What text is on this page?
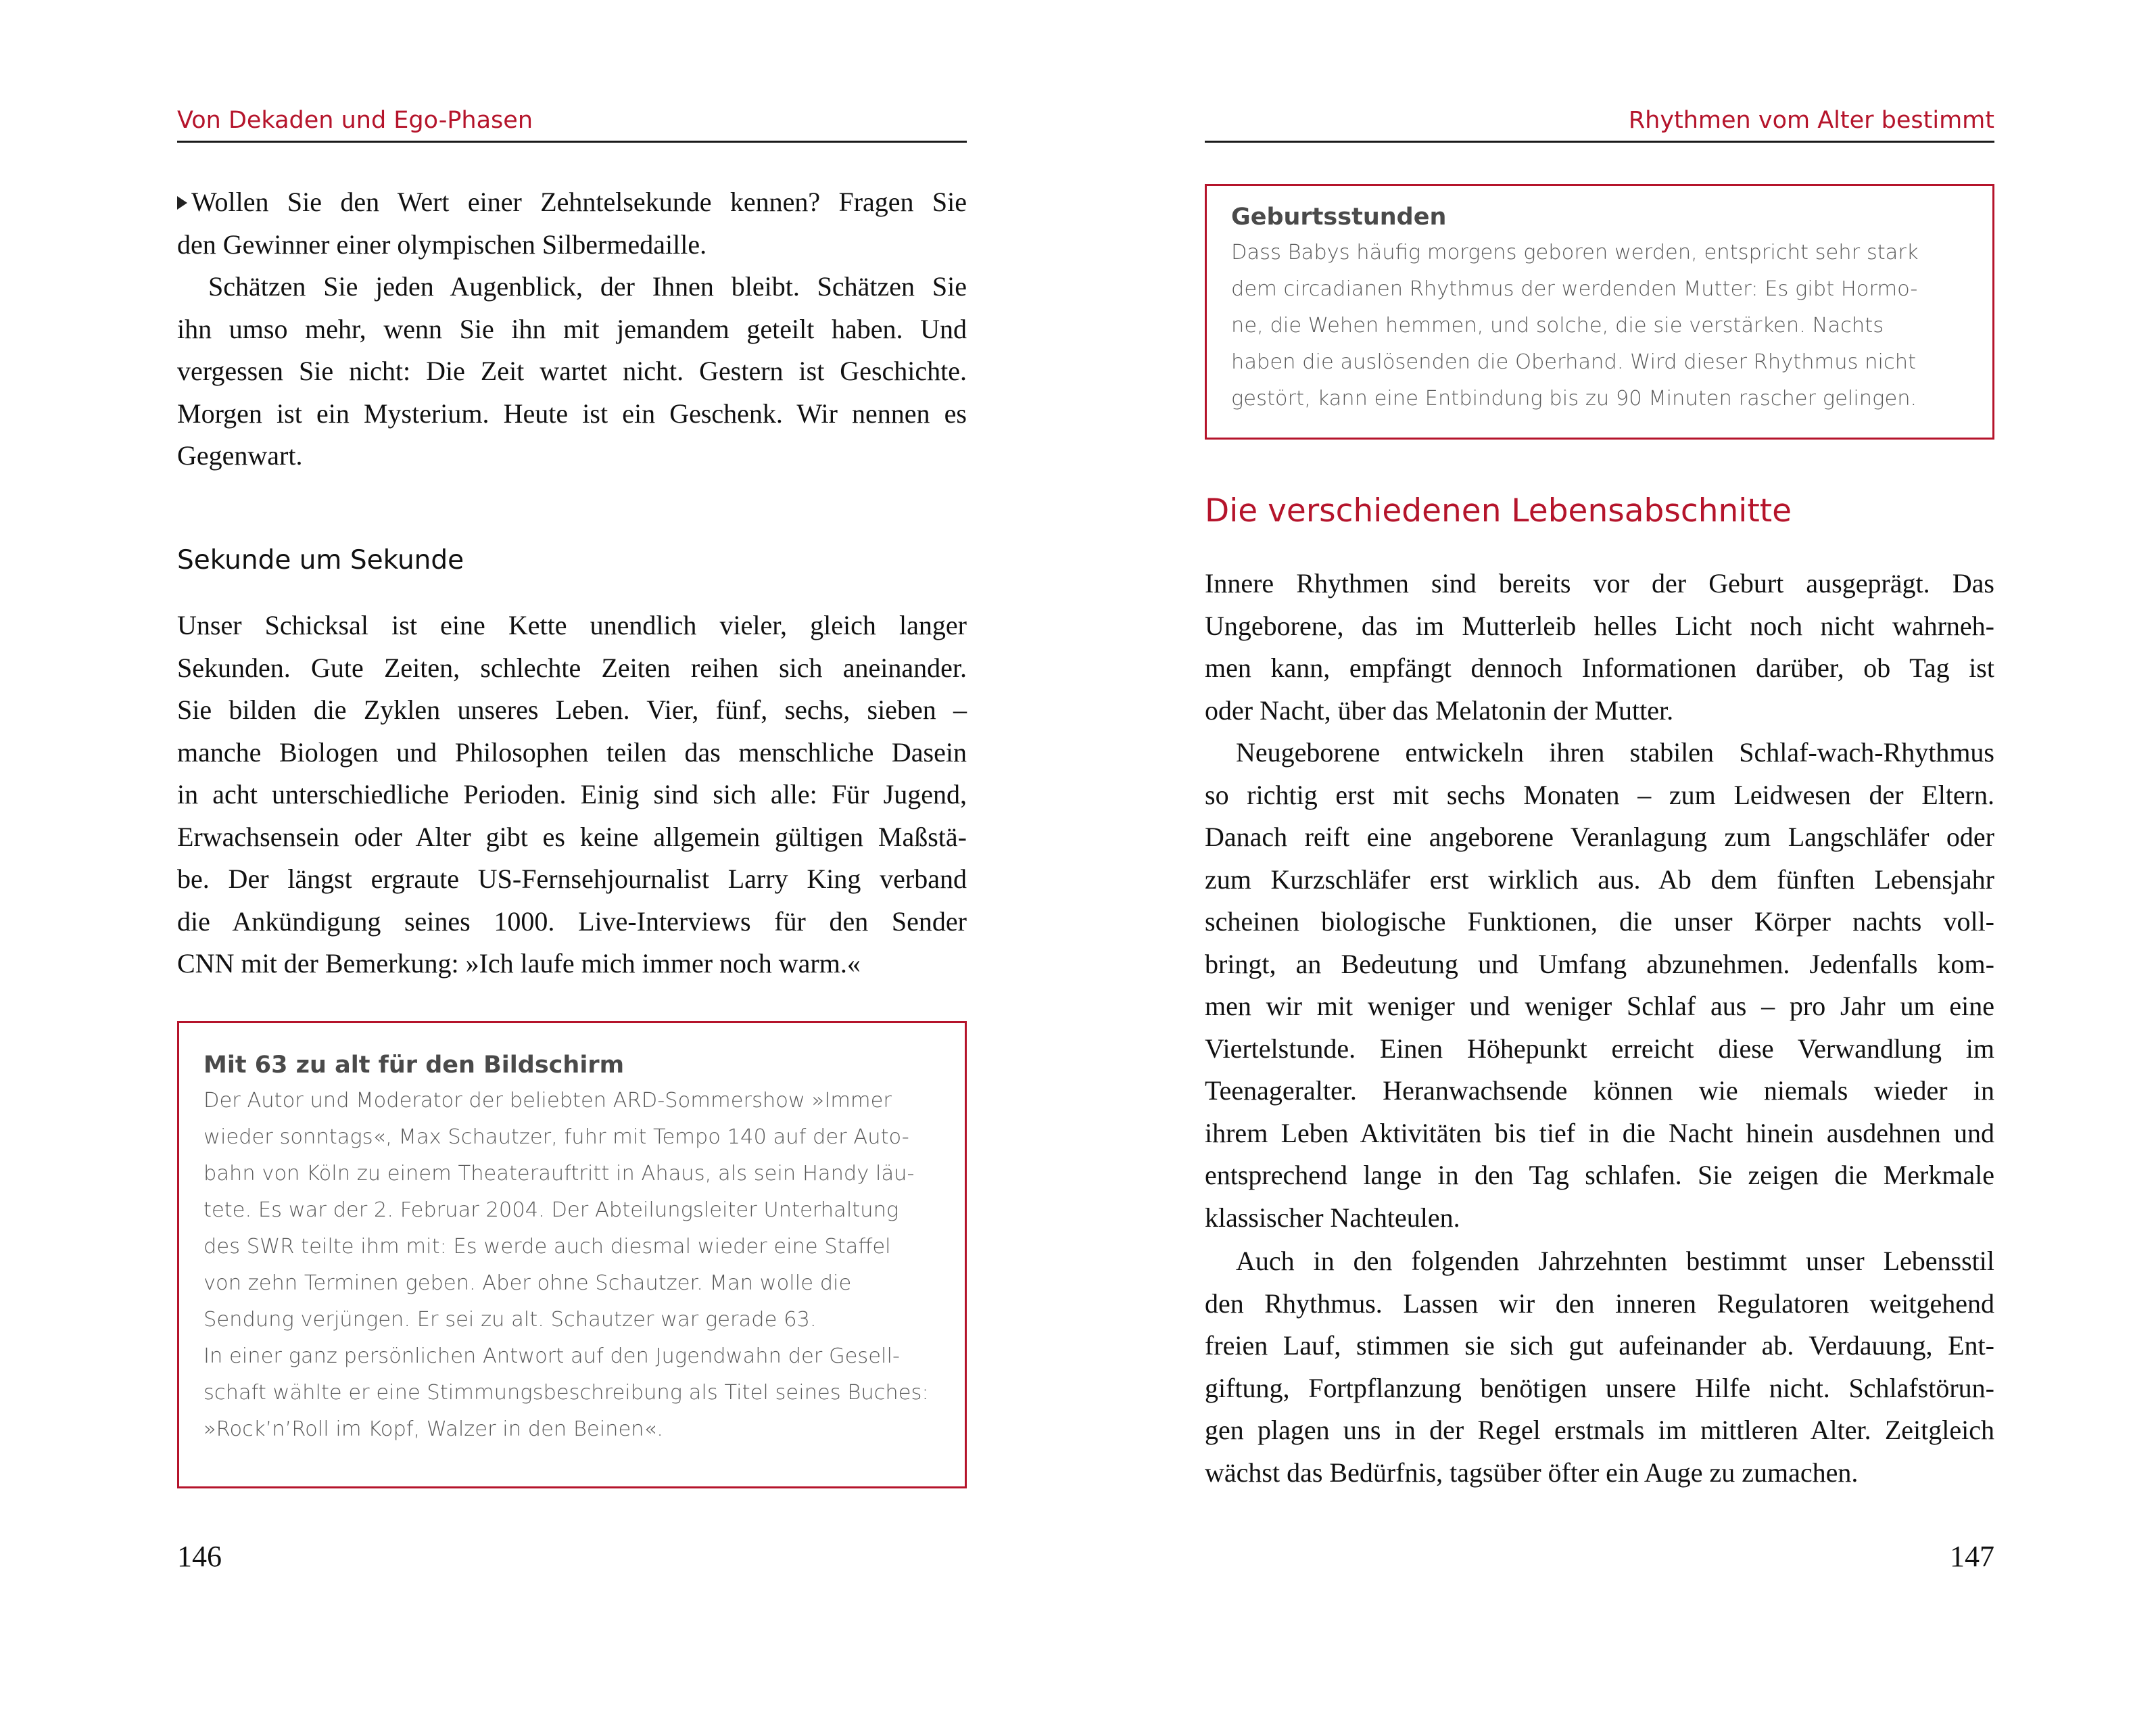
Von Dekaden und Ego-Phasen

Wollen Sie den Wert einer Zehntelsekunde kennen? Fragen Sie

den Gewinner einer olympischen Silbermedaille.

Schätzen Sie jeden Augenblick, der Ihnen bleibt. Schätzen Sie

ihn umso mehr, wenn Sie ihn mit jemandem geteilt haben. Und

vergessen Sie nicht: Die Zeit wartet nicht. Gestern ist Geschichte.

Morgen ist ein Mysterium. Heute ist ein Geschenk. Wir nennen es

Gegenwart.

Sekunde um Sekunde

Unser Schicksal ist eine Kette unendlich vieler, gleich langer

Sekunden. Gute Zeiten, schlechte Zeiten reihen sich aneinander.

Sie bilden die Zyklen unseres Leben. Vier, fünf, sechs, sieben –

manche Biologen und Philosophen teilen das menschliche Dasein

in acht unterschiedliche Perioden. Einig sind sich alle: Für Jugend,

Erwachsensein oder Alter gibt es keine allgemein gültigen Maßstä-

be. Der längst ergraute US-Fernsehjournalist Larry King verband

die Ankündigung seines 1000. Live-Interviews für den Sender

CNN mit der Bemerkung: »Ich laufe mich immer noch warm.«

Mit 63 zu alt für den Bildschirm

Der Autor und Moderator der beliebten ARD-Sommershow »Immer
wieder sonntags«, Max Schautzer, fuhr mit Tempo 140 auf der Auto-
bahn von Köln zu einem Theaterauftritt in Ahaus, als sein Handy läu-
tete. Es war der 2. Februar 2004. Der Abteilungsleiter Unterhaltung
des SWR teilte ihm mit: Es werde auch diesmal wieder eine Staffel
von zehn Terminen geben. Aber ohne Schautzer. Man wolle die
Sendung verjüngen. Er sei zu alt. Schautzer war gerade 63.
In einer ganz persönlichen Antwort auf den Jugendwahn der Gesell-
schaft wählte er eine Stimmungsbeschreibung als Titel seines Buches:
»Rock’n’Roll im Kopf, Walzer in den Beinen«.
146
Rhythmen vom Alter bestimmt

Geburtsstunden

Dass Babys häufig morgens geboren werden, entspricht sehr stark
dem circadianen Rhythmus der werdenden Mutter: Es gibt Hormo-
ne, die Wehen hemmen, und solche, die sie verstärken. Nachts
haben die auslösenden die Oberhand. Wird dieser Rhythmus nicht
gestört, kann eine Entbindung bis zu 90 Minuten rascher gelingen.

Die verschiedenen Lebensabschnitte

Innere Rhythmen sind bereits vor der Geburt ausgeprägt. Das

Ungeborene, das im Mutterleib helles Licht noch nicht wahrneh-

men kann, empfängt dennoch Informationen darüber, ob Tag ist

oder Nacht, über das Melatonin der Mutter.

Neugeborene entwickeln ihren stabilen Schlaf-wach-Rhythmus

so richtig erst mit sechs Monaten – zum Leidwesen der Eltern.

Danach reift eine angeborene Veranlagung zum Langschläfer oder

zum Kurzschläfer erst wirklich aus. Ab dem fünften Lebensjahr

scheinen biologische Funktionen, die unser Körper nachts voll-

bringt, an Bedeutung und Umfang abzunehmen. Jedenfalls kom-

men wir mit weniger und weniger Schlaf aus – pro Jahr um eine

Viertelstunde. Einen Höhepunkt erreicht diese Verwandlung im

Teenageralter. Heranwachsende können wie niemals wieder in

ihrem Leben Aktivitäten bis tief in die Nacht hinein ausdehnen und

entsprechend lange in den Tag schlafen. Sie zeigen die Merkmale

klassischer Nachteulen.

Auch in den folgenden Jahrzehnten bestimmt unser Lebensstil

den Rhythmus. Lassen wir den inneren Regulatoren weitgehend

freien Lauf, stimmen sie sich gut aufeinander ab. Verdauung, Ent-

giftung, Fortpflanzung benötigen unsere Hilfe nicht. Schlafstörun-

gen plagen uns in der Regel erstmals im mittleren Alter. Zeitgleich

wächst das Bedürfnis, tagsüber öfter ein Auge zu zumachen.

147
